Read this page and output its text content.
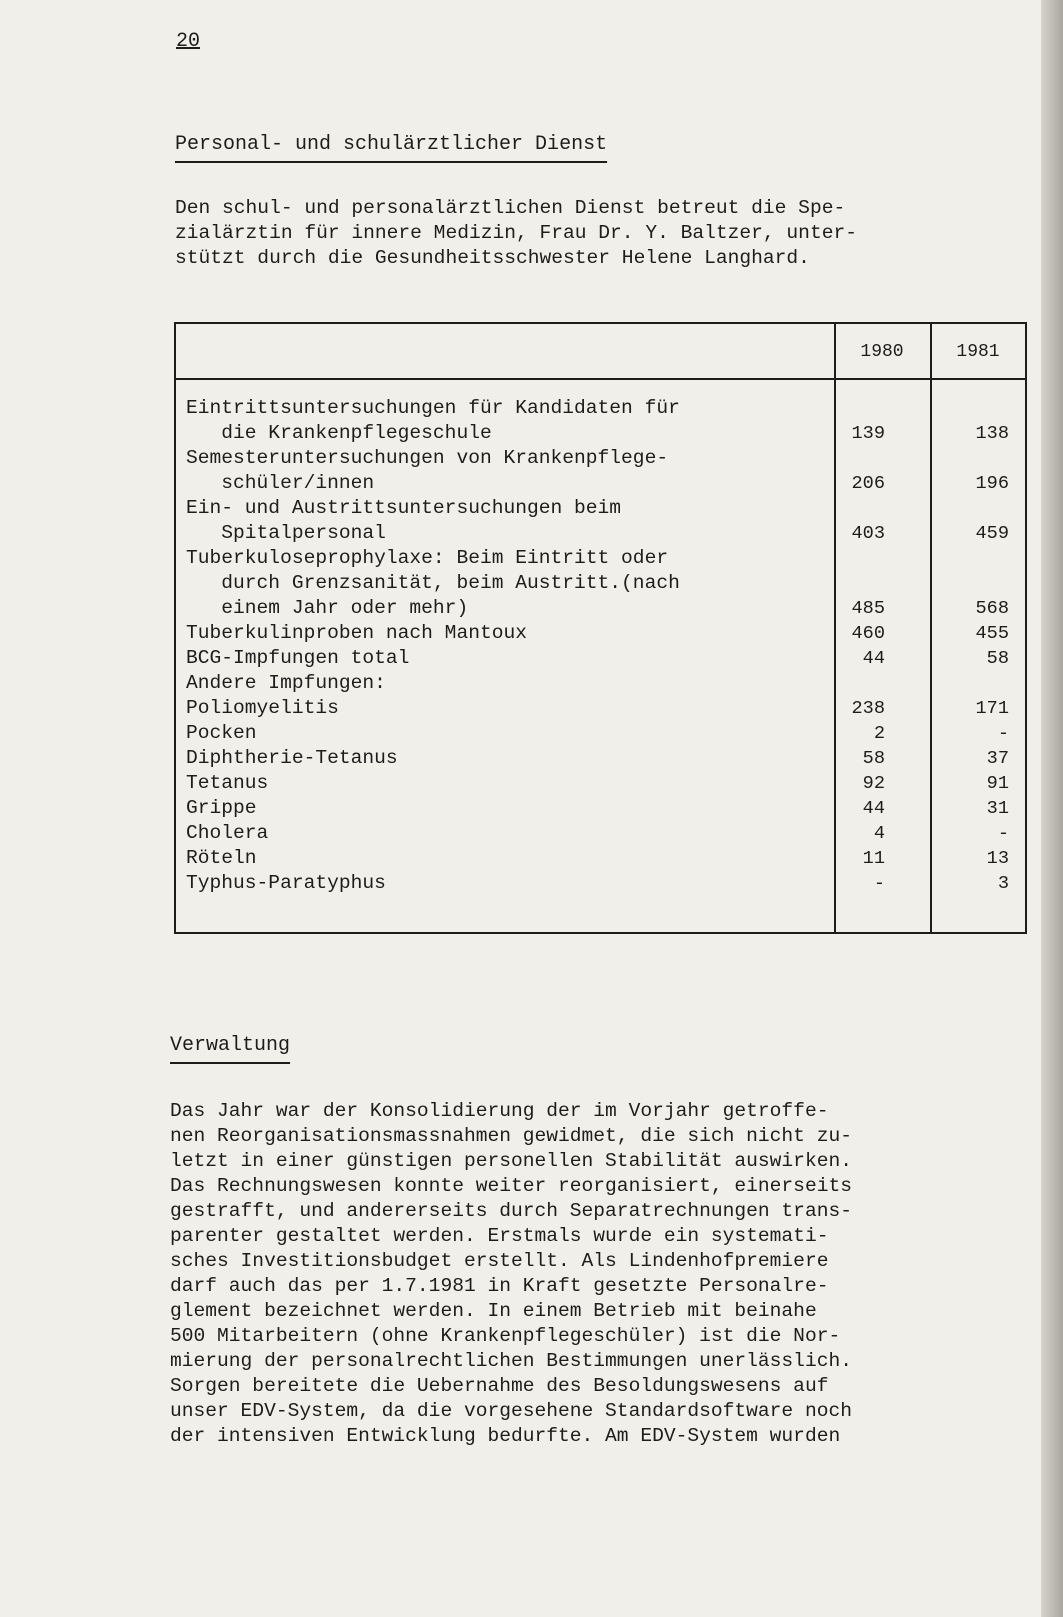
20
Personal- und schulärztlicher Dienst
Den schul- und personalärztlichen Dienst betreut die Spe-
zialärztin für innere Medizin, Frau Dr. Y. Baltzer, unter-
stützt durch die Gesundheitsschwester Helene Langhard.
1980	1981
Eintrittsuntersuchungen für Kandidaten für
die Krankenpflegeschule	139	138
Semesteruntersuchungen von Krankenpflege-
schüler/innen	206	196
Ein- und Austrittsuntersuchungen beim
Spitalpersonal	403	459
Tuberkuloseprophylaxe: Beim Eintritt oder
durch Grenzsanität, beim Austritt.(nach
einem Jahr oder mehr)	485	568
Tuberkulinproben nach Mantoux	460	455
BCG-Impfungen total	44	58
Andere Impfungen:
Poliomyelitis	238	171
Pocken	2	-
Diphtherie-Tetanus	58	37
Tetanus	92	91
Grippe	44	31
Cholera	4	-
Röteln	11	13
Typhus-Paratyphus	-	3
Verwaltung
Das Jahr war der Konsolidierung der im Vorjahr getroffe-
nen Reorganisationsmassnahmen gewidmet, die sich nicht zu-
letzt in einer günstigen personellen Stabilität auswirken.
Das Rechnungswesen konnte weiter reorganisiert, einerseits
gestrafft, und andererseits durch Separatrechnungen trans-
parenter gestaltet werden. Erstmals wurde ein systemati-
sches Investitionsbudget erstellt. Als Lindenhofpremiere
darf auch das per 1.7.1981 in Kraft gesetzte Personalre-
glement bezeichnet werden. In einem Betrieb mit beinahe
500 Mitarbeitern (ohne Krankenpflegeschüler) ist die Nor-
mierung der personalrechtlichen Bestimmungen unerlässlich.
Sorgen bereitete die Uebernahme des Besoldungswesens auf
unser EDV-System, da die vorgesehene Standardsoftware noch
der intensiven Entwicklung bedurfte. Am EDV-System wurden
